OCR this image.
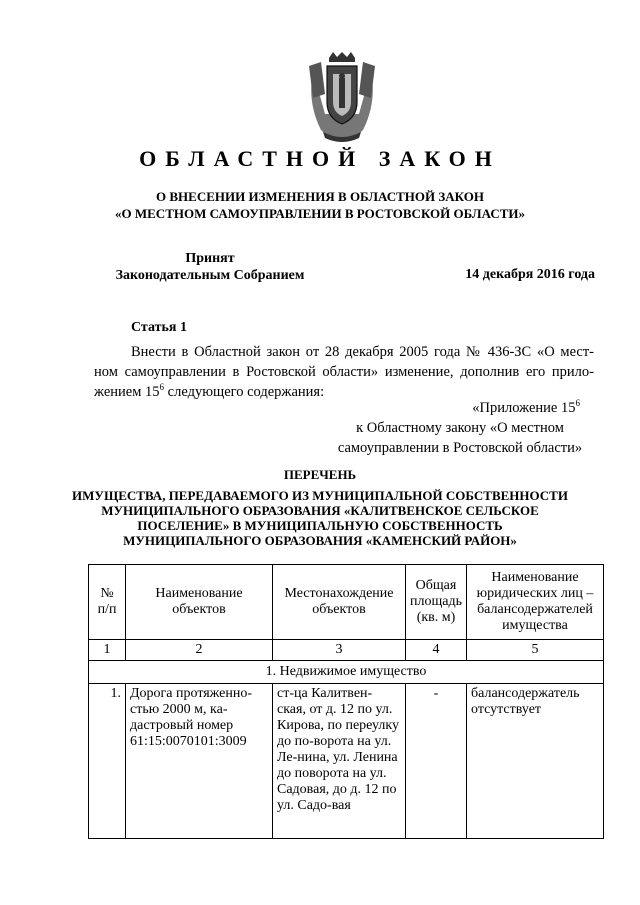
ОБЛАСТНОЙ ЗАКОН
О ВНЕСЕНИИ ИЗМЕНЕНИЯ В ОБЛАСТНОЙ ЗАКОН
«О МЕСТНОМ САМОУПРАВЛЕНИИ В РОСТОВСКОЙ ОБЛАСТИ»
Принят
Законодательным Собранием	14 декабря 2016 года
Статья 1
Внести в Областной закон от 28 декабря 2005 года № 436-ЗС «О мест-
ном самоуправлении в Ростовской области» изменение, дополнив его прило-
жением $15^6$ следующего содержания:
«Приложение $15^6$
к Областному закону «О местном
самоуправлении в Ростовской области»
ПЕРЕЧЕНЬ
ИМУЩЕСТВА, ПЕРЕДАВАЕМОГО ИЗ МУНИЦИПАЛЬНОЙ СОБСТВЕННОСТИ
МУНИЦИПАЛЬНОГО ОБРАЗОВАНИЯ «КАЛИТВЕНСКОЕ СЕЛЬСКОЕ
ПОСЕЛЕНИЕ» В МУНИЦИПАЛЬНУЮ СОБСТВЕННОСТЬ
МУНИЦИПАЛЬНОГО ОБРАЗОВАНИЯ «КАМЕНСКИЙ РАЙОН»
№ п/п	Наименование объектов	Местонахождение объектов	Общая площадь (кв. м)	Наименование юридических лиц – балансодержателей имущества
1	2	3	4	5
1. Недвижимое имущество				
1.	Дорога протяженно-стью 2000 м, ка-дастровый номер 61:15:0070101:3009	ст-ца Калитвен-ская, от д. 12 по ул. Кирова, по переулку до по-ворота на ул. Ле-нина, ул. Ленина до поворота на ул. Садовая, до д. 12 по ул. Садо-вая	-	балансодержатель отсутствует
